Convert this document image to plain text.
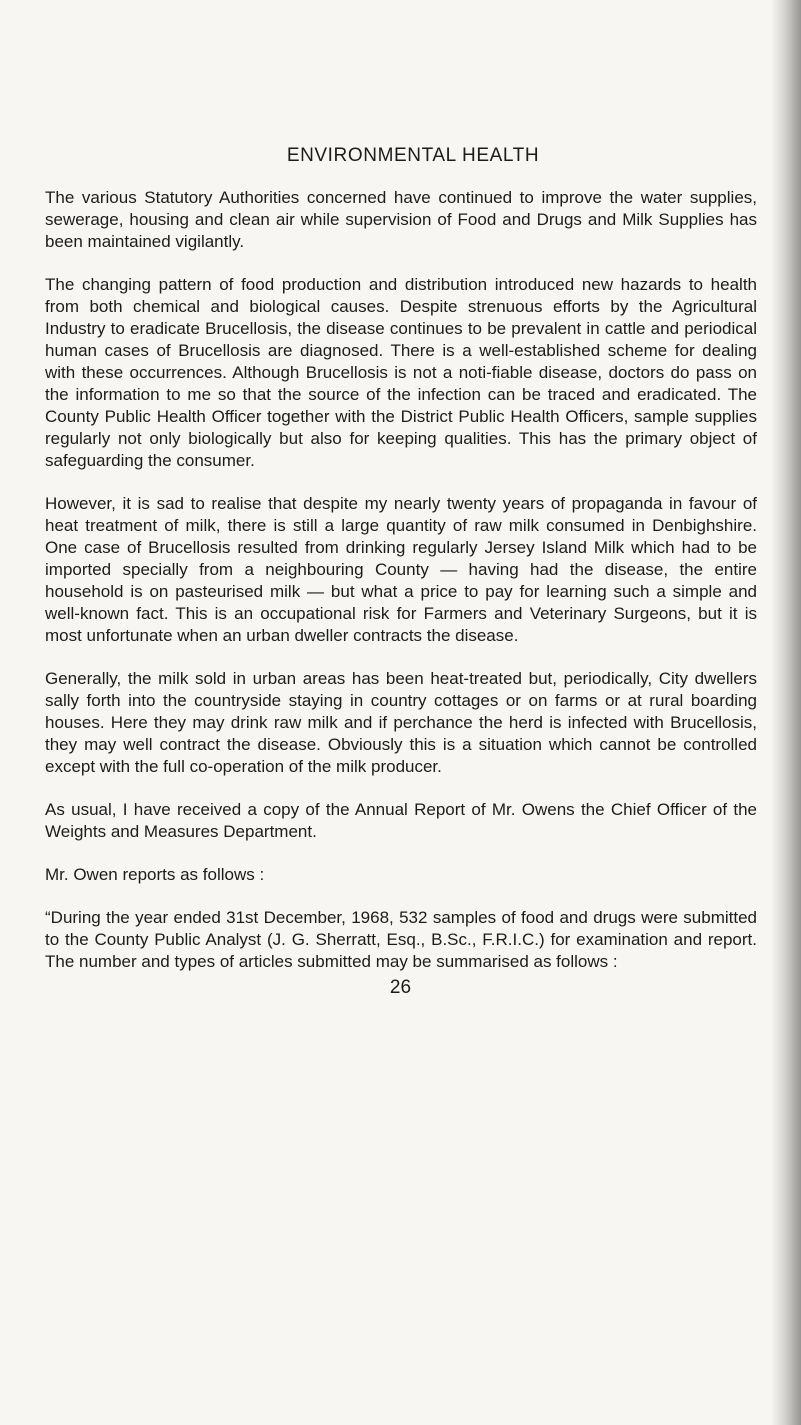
ENVIRONMENTAL HEALTH

The various Statutory Authorities concerned have continued to improve the water supplies, sewerage, housing and clean air while supervision of Food and Drugs and Milk Supplies has been maintained vigilantly.

The changing pattern of food production and distribution introduced new hazards to health from both chemical and biological causes. Despite strenuous efforts by the Agricultural Industry to eradicate Brucellosis, the disease continues to be prevalent in cattle and periodical human cases of Brucellosis are diagnosed. There is a well-established scheme for dealing with these occurrences. Although Brucellosis is not a noti-fiable disease, doctors do pass on the information to me so that the source of the infection can be traced and eradicated. The County Public Health Officer together with the District Public Health Officers, sample supplies regularly not only biologically but also for keeping qualities. This has the primary object of safeguarding the consumer.

However, it is sad to realise that despite my nearly twenty years of propaganda in favour of heat treatment of milk, there is still a large quantity of raw milk consumed in Denbighshire. One case of Brucellosis resulted from drinking regularly Jersey Island Milk which had to be imported specially from a neighbouring County — having had the disease, the entire household is on pasteurised milk — but what a price to pay for learning such a simple and well-known fact. This is an occupational risk for Farmers and Veterinary Surgeons, but it is most unfortunate when an urban dweller contracts the disease.

Generally, the milk sold in urban areas has been heat-treated but, periodically, City dwellers sally forth into the countryside staying in country cottages or on farms or at rural boarding houses. Here they may drink raw milk and if perchance the herd is infected with Brucellosis, they may well contract the disease. Obviously this is a situation which cannot be controlled except with the full co-operation of the milk producer.

As usual, I have received a copy of the Annual Report of Mr. Owens the Chief Officer of the Weights and Measures Department.

Mr. Owen reports as follows :

“During the year ended 31st December, 1968, 532 samples of food and drugs were submitted to the County Public Analyst (J. G. Sherratt, Esq., B.Sc., F.R.I.C.) for examination and report. The number and types of articles submitted may be summarised as follows :

26
